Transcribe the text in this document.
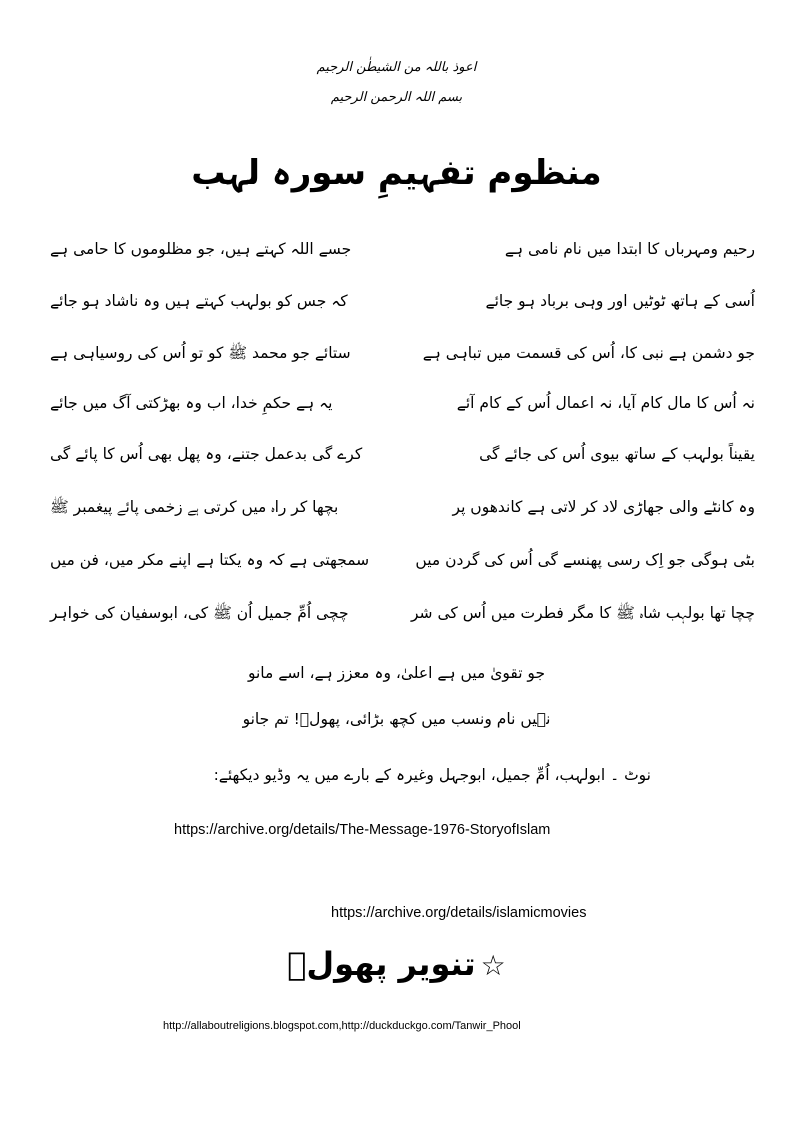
اعوذ باللہ من الشیطٰن الرجیم
بسم اللہ الرحمن الرحیم
منظوم تفہیمِ سورہ لہب
رحیم ومہرباں کا ابتدا میں نام نامی ہے
جسے اللہ کہتے ہیں، جو مظلوموں کا حامی ہے
اُسی کے ہاتھ ٹوٹیں اور وہی برباد ہو جائے
کہ جس کو بولہب کہتے ہیں وہ ناشاد ہو جائے
جو دشمن ہے نبی کا، اُس کی قسمت میں تباہی ہے
ستائے جو محمد ﷺ کو تو اُس کی روسیاہی ہے
نہ اُس کا مال کام آیا، نہ اعمال اُس کے کام آئے
یہ ہے حکمِ خدا، اب وہ بھڑکتی آگ میں جائے
یقیناً بولہب کے ساتھ بیوی اُس کی جائے گی
کرے گی بدعمل جتنے، وہ پھل بھی اُس کا پائے گی
وہ کانٹے والی جھاڑی لاد کر لاتی ہے کاندھوں پر
بچھا کر راہ میں کرتی ہے زخمی پائے پیغمبر ﷺ
بٹی ہوگی جو اِک رسی پھنسے گی اُس کی گردن میں
سمجھتی ہے کہ وہ یکتا ہے اپنے مکر میں، فن میں
چچا تھا بولہب شاہ ﷺ کا مگر فطرت میں اُس کی شر
چچی اُمِّ جمیل اُن ﷺ کی، ابوسفیان کی خواہر
جو تقویٰ میں ہے اعلیٰ، وہ معزز ہے، اسے مانو
نہیں نام ونسب میں کچھ بڑائی، پھولؔ! تم جانو
نوٹ ۔ ابولہب، اُمِّ جمیل، ابوجہل وغیرہ کے بارے میں یہ وڈیو دیکھئے:
https://archive.org/details/The-Message-1976-StoryofIslam
https://archive.org/details/islamicmovies
☆ تنویر پھولؔ
http://allaboutreligions.blogspot.com,http://duckduckgo.com/Tanwir_Phool
